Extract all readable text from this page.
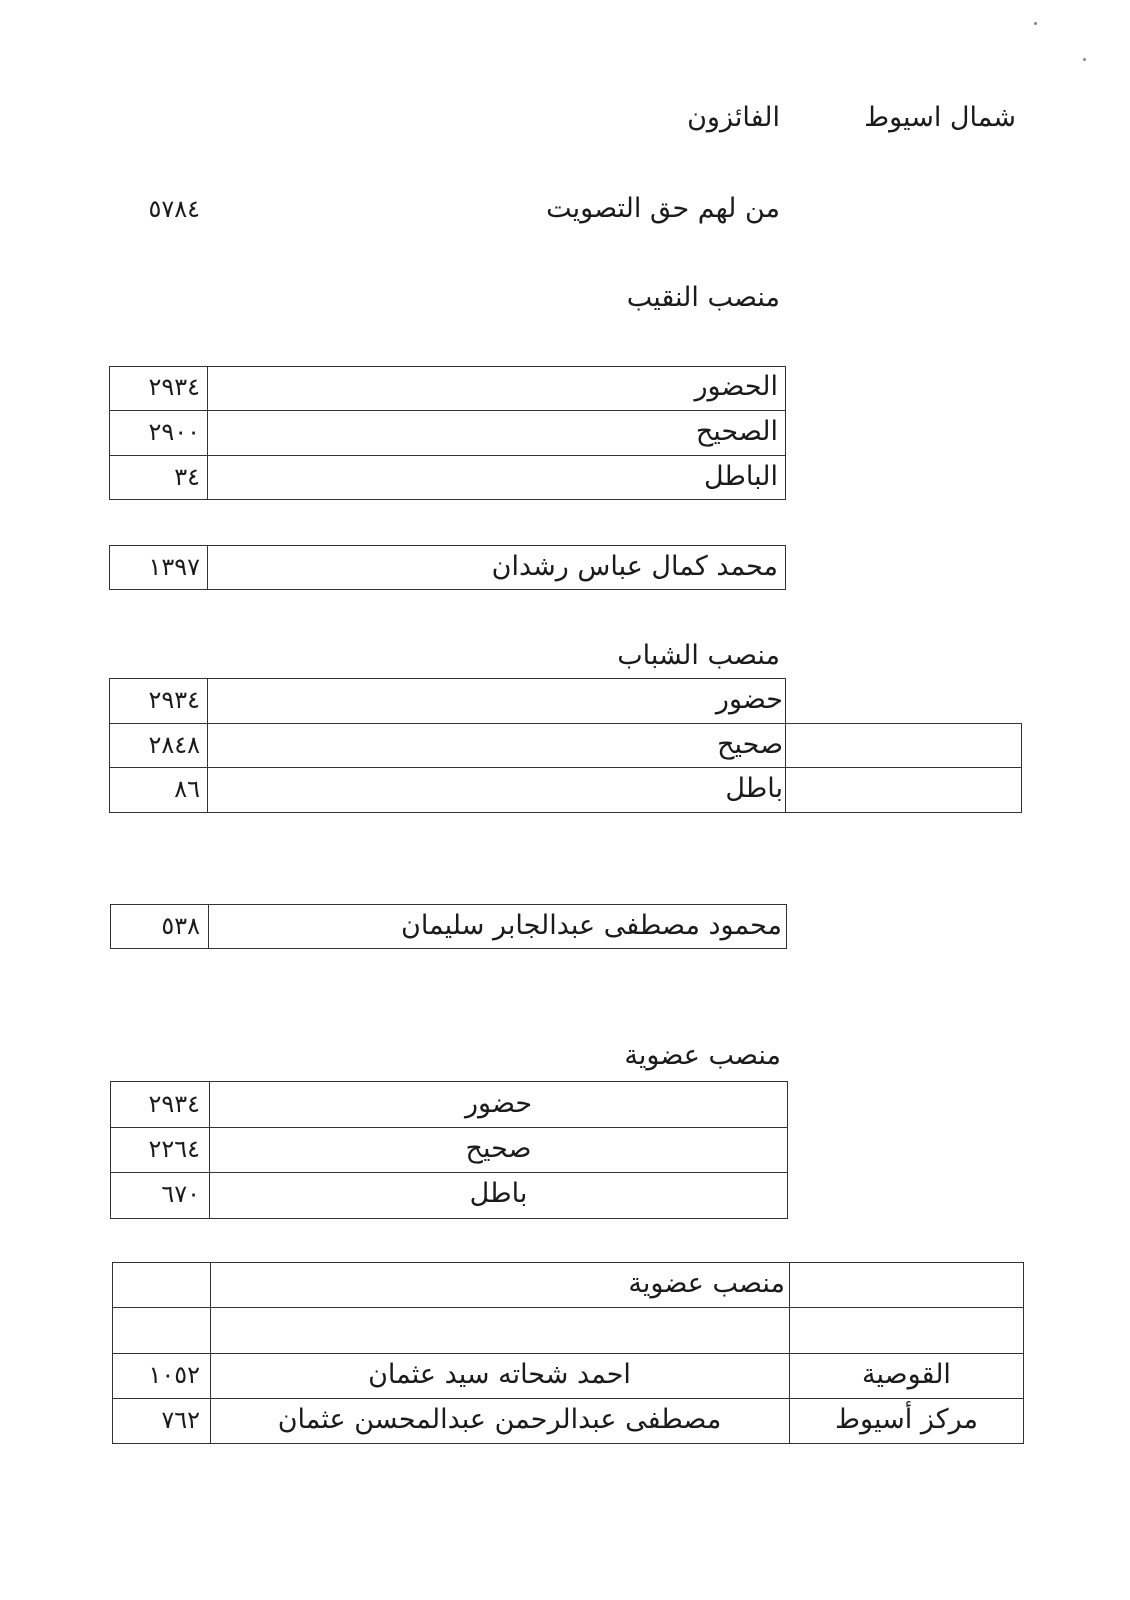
شمال اسيوط
الفائزون
من لهم حق التصويت
٥٧٨٤
منصب النقيب
الحضور
٢٩٣٤
الصحيح
٢٩٠٠
الباطل
٣٤
محمد كمال عباس رشدان
١٣٩٧
منصب الشباب
حضور
٢٩٣٤
صحيح
٢٨٤٨
باطل
٨٦
محمود مصطفى عبدالجابر سليمان
٥٣٨
منصب عضوية
حضور
٢٩٣٤
صحيح
٢٢٦٤
باطل
٦٧٠
منصب عضوية
القوصية
احمد شحاته سيد عثمان
١٠٥٢
مركز أسيوط
مصطفى عبدالرحمن عبدالمحسن عثمان
٧٦٢
